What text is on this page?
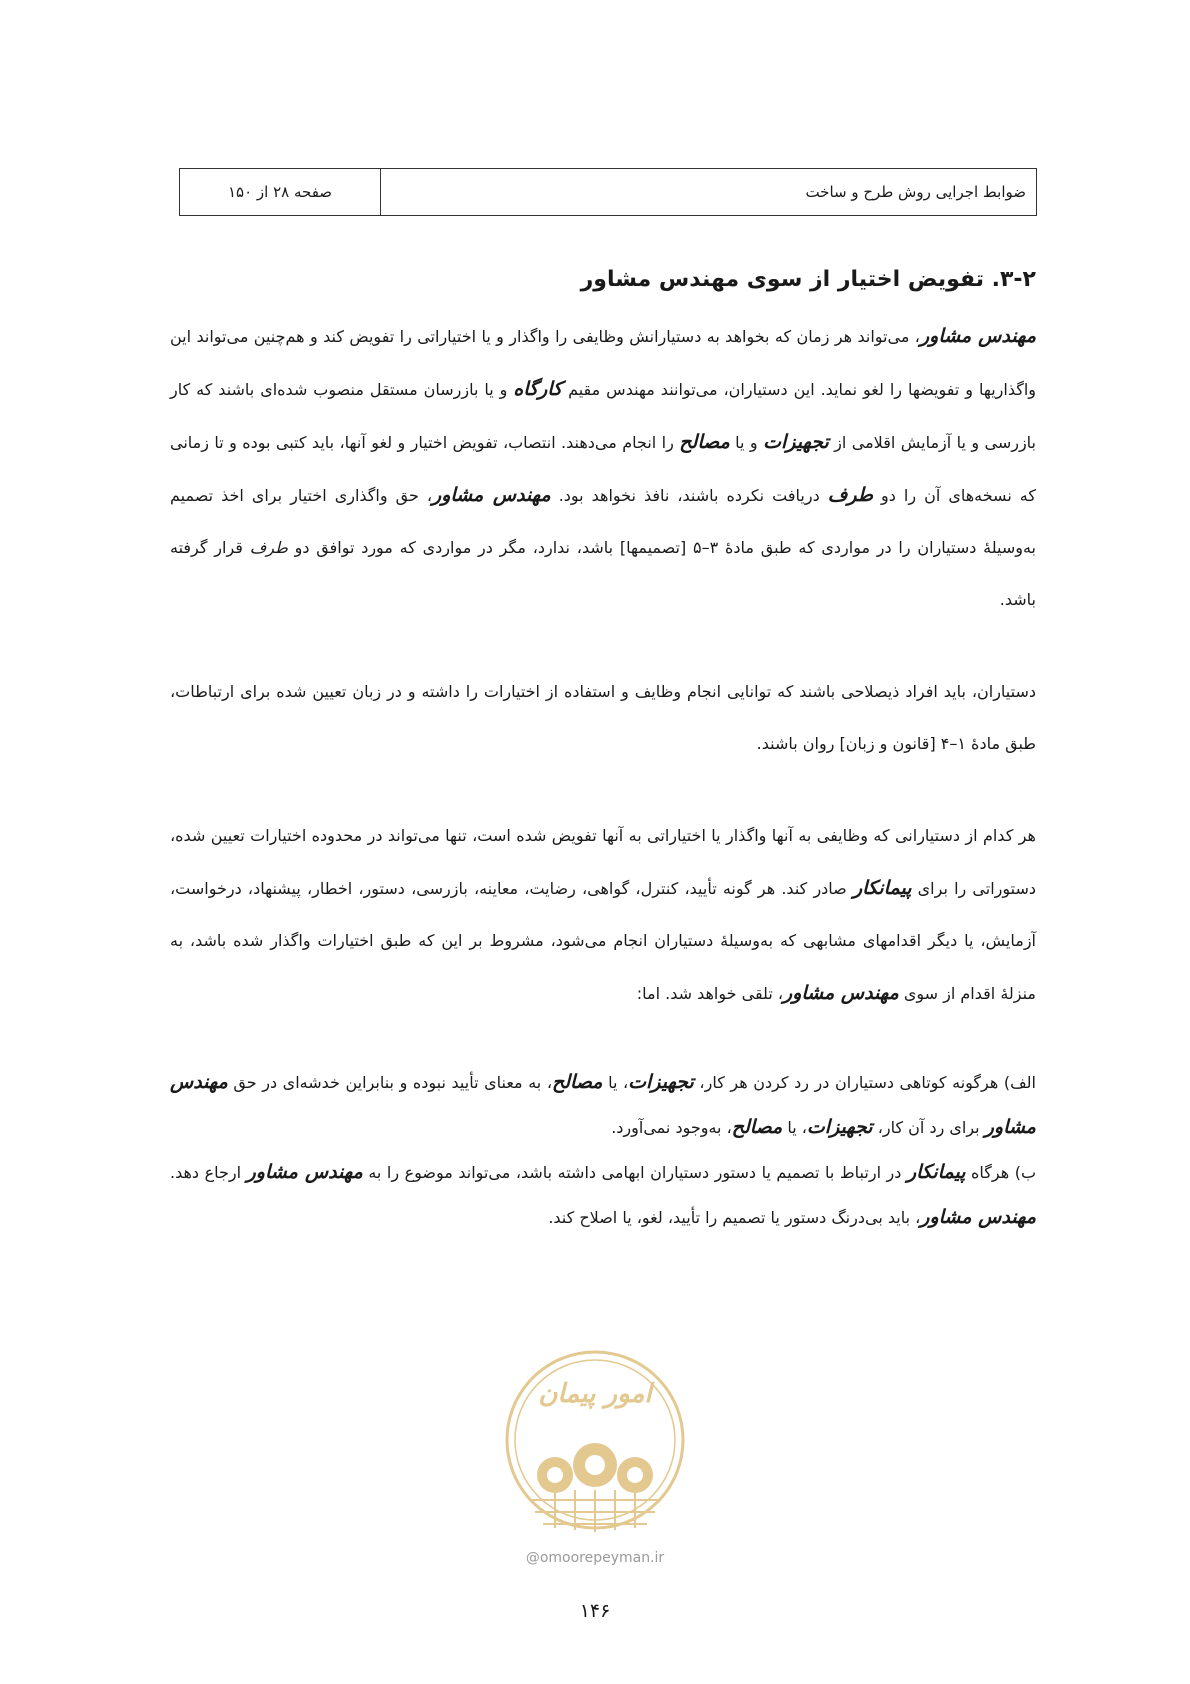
ضوابط اجرایی روش طرح و ساخت
صفحه ۲۸ از ۱۵۰
۳-۲. تفویض اختیار از سوی مهندس مشاور

مهندس مشاور، می‌تواند هر زمان که بخواهد به دستیارانش وظایفی را واگذار و یا اختیاراتی را تفویض کند و هم‌چنین می‌تواند این واگذاریها و تفویضها را لغو نماید. این دستیاران، می‌توانند مهندس مقیم کارگاه و یا بازرسان مستقل منصوب شده‌ای باشند که کار بازرسی و یا آزمایش اقلامی از تجهیزات و یا مصالح را انجام می‌دهند. انتصاب، تفویض اختیار و لغو آنها، باید کتبی بوده و تا زمانی که نسخه‌های آن را دو طرف دریافت نکرده باشند، نافذ نخواهد بود. مهندس مشاور، حق واگذاری اختیار برای اخذ تصمیم به‌وسیلهٔ دستیاران را در مواردی که طبق مادهٔ ۳–۵ [تصمیمها] باشد، ندارد، مگر در مواردی که مورد توافق دو طرف قرار گرفته باشد.

دستیاران، باید افراد ذیصلاحی باشند که توانایی انجام وظایف و استفاده از اختیارات را داشته و در زبان تعیین شده برای ارتباطات، طبق مادهٔ ۱–۴ [قانون و زبان] روان باشند.

هر کدام از دستیارانی که وظایفی به آنها واگذار یا اختیاراتی به آنها تفویض شده است، تنها می‌تواند در محدوده اختیارات تعیین شده، دستوراتی را برای پیمانکار صادر کند. هر گونه تأیید، کنترل، گواهی، رضایت، معاینه، بازرسی، دستور، اخطار، پیشنهاد، درخواست، آزمایش، یا دیگر اقدامهای مشابهی که به‌وسیلهٔ دستیاران انجام می‌شود، مشروط بر این که طبق اختیارات واگذار شده باشد، به منزلهٔ اقدام از سوی مهندس مشاور، تلقی خواهد شد. اما:

الف) هرگونه کوتاهی دستیاران در رد کردن هر کار، تجهیزات، یا مصالح، به معنای تأیید نبوده و بنابراین خدشه‌ای در حق مهندس مشاور برای رد آن کار، تجهیزات، یا مصالح، به‌وجود نمی‌آورد.

ب) هرگاه پیمانکار در ارتباط با تصمیم یا دستور دستیاران ابهامی داشته باشد، می‌تواند موضوع را به مهندس مشاور ارجاع دهد. مهندس مشاور، باید بی‌درنگ دستور یا تصمیم را تأیید، لغو، یا اصلاح کند.

امور پیمان
@omoorepeyman.ir
۱۴۶
